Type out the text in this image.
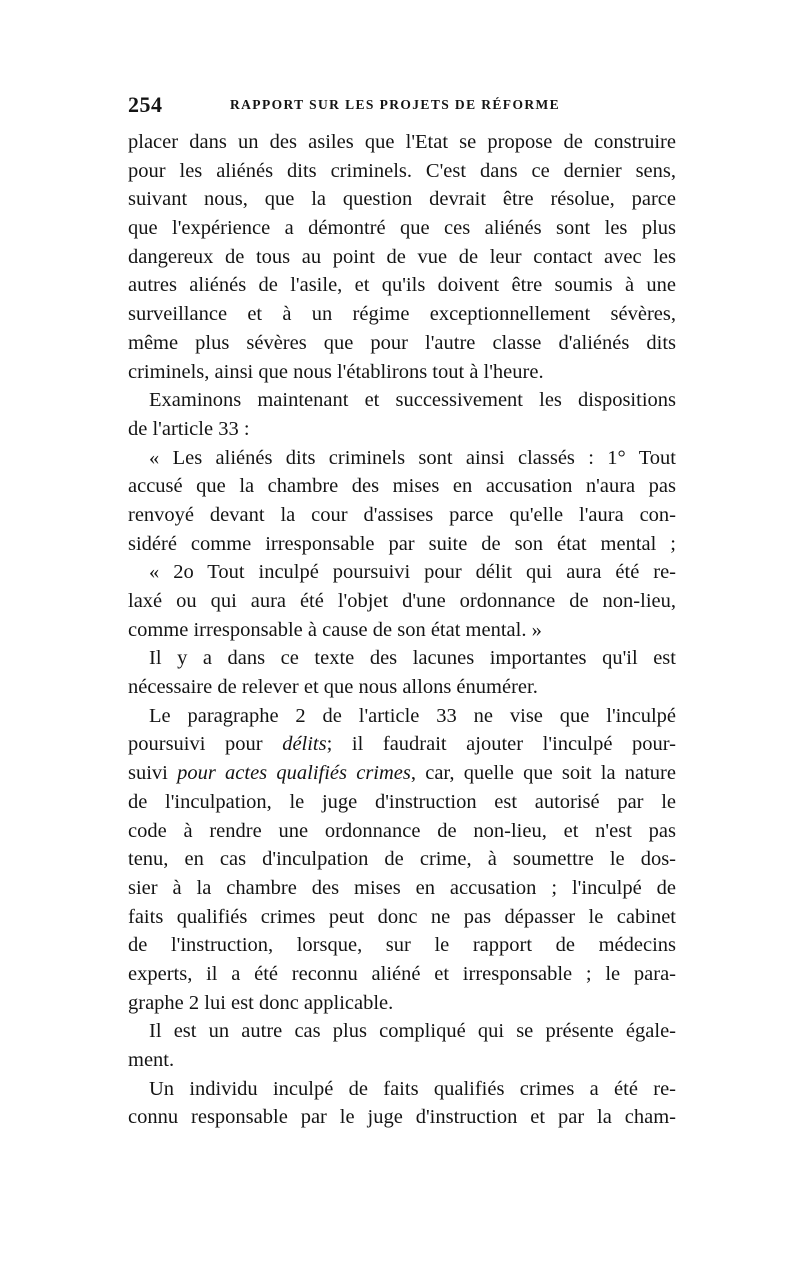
254	RAPPORT SUR LES PROJETS DE RÉFORME
placer dans un des asiles que l'Etat se propose de construire
pour les aliénés dits criminels. C'est dans ce dernier sens,
suivant nous, que la question devrait être résolue, parce
que l'expérience a démontré que ces aliénés sont les plus
dangereux de tous au point de vue de leur contact avec les
autres aliénés de l'asile, et qu'ils doivent être soumis à une
surveillance et à un régime exceptionnellement sévères,
même plus sévères que pour l'autre classe d'aliénés dits
criminels, ainsi que nous l'établirons tout à l'heure.
Examinons maintenant et successivement les dispositions
de l'article 33 :
« Les aliénés dits criminels sont ainsi classés : 1° Tout
accusé que la chambre des mises en accusation n'aura pas
renvoyé devant la cour d'assises parce qu'elle l'aura con-
sidéré comme irresponsable par suite de son état mental ;
« 2o Tout inculpé poursuivi pour délit qui aura été re-
laxé ou qui aura été l'objet d'une ordonnance de non-lieu,
comme irresponsable à cause de son état mental. »
Il y a dans ce texte des lacunes importantes qu'il est
nécessaire de relever et que nous allons énumérer.
Le paragraphe 2 de l'article 33 ne vise que l'inculpé
poursuivi pour délits; il faudrait ajouter l'inculpé pour-
suivi pour actes qualifiés crimes, car, quelle que soit la nature
de l'inculpation, le juge d'instruction est autorisé par le
code à rendre une ordonnance de non-lieu, et n'est pas
tenu, en cas d'inculpation de crime, à soumettre le dos-
sier à la chambre des mises en accusation ; l'inculpé de
faits qualifiés crimes peut donc ne pas dépasser le cabinet
de l'instruction, lorsque, sur le rapport de médecins
experts, il a été reconnu aliéné et irresponsable ; le para-
graphe 2 lui est donc applicable.
Il est un autre cas plus compliqué qui se présente égale-
ment.
Un individu inculpé de faits qualifiés crimes a été re-
connu responsable par le juge d'instruction et par la cham-
